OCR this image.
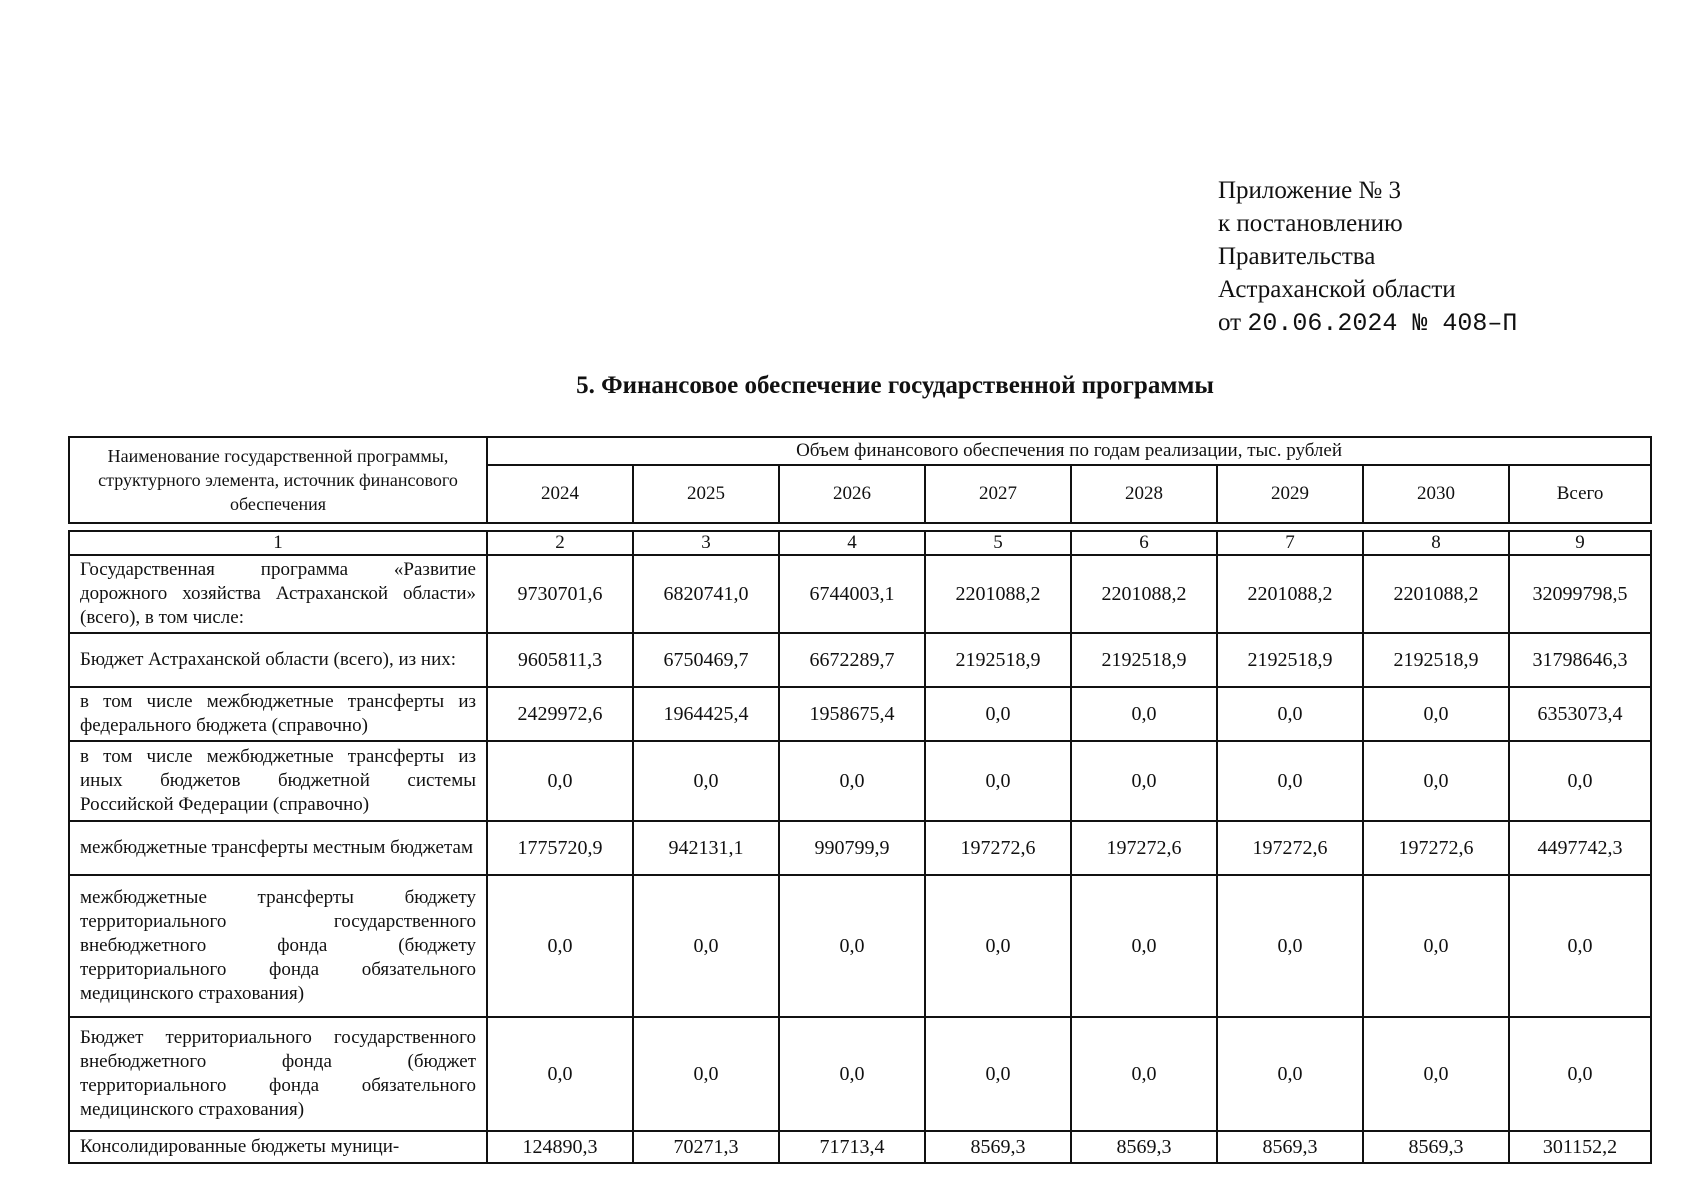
Приложение № 3
к постановлению
Правительства
Астраханской области
от 20.06.2024 № 408–П
5. Финансовое обеспечение государственной программы
Наименование государственной программы, структурного элемента, источник финансового обеспечения	Объем финансового обеспечения по годам реализации, тыс. рублей							
	2024	2025	2026	2027	2028	2029	2030	Всего
1	2	3	4	5	6	7	8	9
Государственная программа «Развитие дорожного хозяйства Астраханской области» (всего), в том числе:	9730701,6	6820741,0	6744003,1	2201088,2	2201088,2	2201088,2	2201088,2	32099798,5
Бюджет Астраханской области (всего), из них:	9605811,3	6750469,7	6672289,7	2192518,9	2192518,9	2192518,9	2192518,9	31798646,3
в том числе межбюджетные трансферты из федерального бюджета (справочно)	2429972,6	1964425,4	1958675,4	0,0	0,0	0,0	0,0	6353073,4
в том числе межбюджетные трансферты из иных бюджетов бюджетной системы Российской Федерации (справочно)	0,0	0,0	0,0	0,0	0,0	0,0	0,0	0,0
межбюджетные трансферты местным бюджетам	1775720,9	942131,1	990799,9	197272,6	197272,6	197272,6	197272,6	4497742,3
межбюджетные трансферты бюджету территориального государственного внебюджетного фонда (бюджету территориального фонда обязательного медицинского страхования)	0,0	0,0	0,0	0,0	0,0	0,0	0,0	0,0
Бюджет территориального государственного внебюджетного фонда (бюджет территориального фонда обязательного медицинского страхования)	0,0	0,0	0,0	0,0	0,0	0,0	0,0	0,0
Консолидированные бюджеты муници-	124890,3	70271,3	71713,4	8569,3	8569,3	8569,3	8569,3	301152,2
